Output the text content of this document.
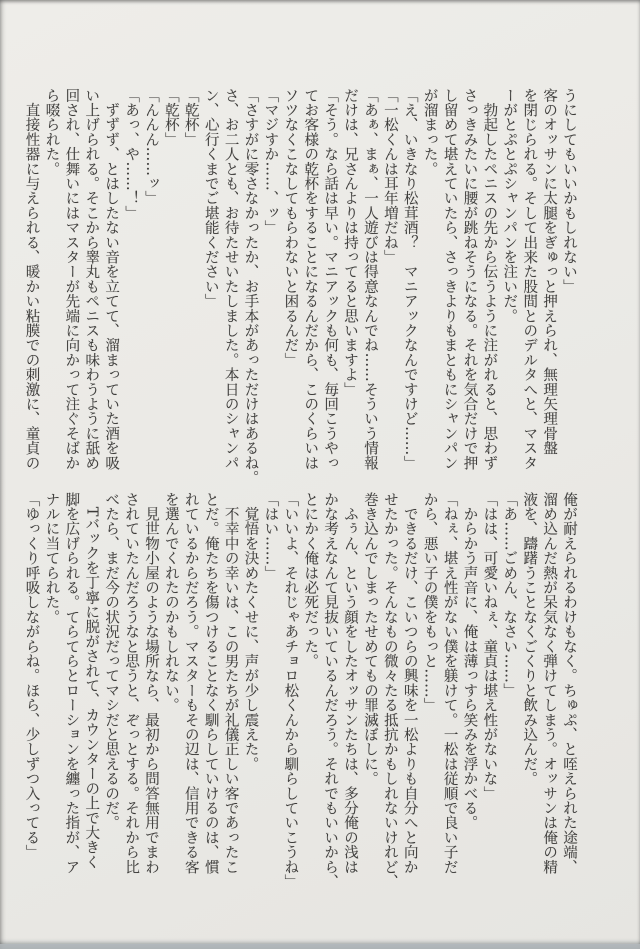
うにしてもいいかもしれない」
客のオッサンに太腿をぎゅっと押えられ、無理矢理骨盤
を閉じられる。そして出来た股間とのデルタへと、マスタ
ーがとぷとぷシャンパンを注いだ。
　勃起したペニスの先から伝うように注がれると、思わず
さっきみたいに腰が跳ねそうになる。それを気合だけで押
し留めて堪えていたら、さっきよりもまともにシャンパン
が溜まった。
「え、いきなり松茸酒？　マニアックなんですけど……」
「一松くんは耳年増だね」
「あぁ、まぁ、一人遊びは得意なんでね……そういう情報
だけは、兄さんよりは持ってると思いますよ」
「そう。なら話は早い。マニアックも何も、毎回こうやっ
てお客様の乾杯をすることになるんだから、このくらいは
ソツなくこなしてもらわないと困るんだ」
「マジすか……、ッ」
「さすがに零さなかったか、お手本があっただけはあるね。
さ、お二人とも、お待たせいたしました。本日のシャンパ
ン、心行くまでご堪能ください」
「乾杯」
「乾杯」
「んんん……ッ」
「あっ、や……！」
　ずずず、とはしたない音を立てて、溜まっていた酒を吸
い上げられる。そこから睾丸もペニスも味わうように舐め
回され、仕舞いにはマスターが先端に向かって注ぐそばか
ら啜られた。
　直接性器に与えられる、暖かい粘膜での刺激に、童貞の
俺が耐えられるわけもなく。ちゅぷ、と咥えられた途端、
溜め込んだ熱が呆気なく弾けてしまう。オッサンは俺の精
液を、躊躇うことなくごくりと飲み込んだ。
「あ……ごめん、なさい……」
「はは、可愛いねぇ、童貞は堪え性がないな」
　からかう声音に、俺は薄っすら笑みを浮かべる。
「ねぇ、堪え性がない僕を躾けて。一松は従順で良い子だ
から、悪い子の僕をもっと……」
　できるだけ、こいつらの興味を一松よりも自分へと向か
せたかった。そんなもの微々たる抵抗かもしれないけれど、
巻き込んでしまったせめてもの罪滅ぼしに。
　ふぅん、という顔をしたオッサンたちは、多分俺の浅は
かな考えなんて見抜いているんだろう。それでもいいから、
とにかく俺は必死だった。
「いいよ、それじゃあチョロ松くんから馴らしていこうね」
「はい……」
　覚悟を決めたくせに、声が少し震えた。
　不幸中の幸いは、この男たちが礼儀正しい客であったこ
とだ。俺たちを傷つけることなく馴らしていけるのは、慣
れているからだろう。マスターもその辺は、信用できる客
を選んでくれたのかもしれない。
　見世物小屋のような場所なら、最初から問答無用でまわ
されていたんだろうなと思うと、ぞっとする。それから比
べたら、まだ今の状況だってマシだと思えるのだ。
　Tバックを丁寧に脱がされて、カウンターの上で大きく
脚を広げられる。てらてらとローションを纏った指が、ア
ナルに当てられた。
「ゆっくり呼吸しながらね。ほら、少しずつ入ってる」
